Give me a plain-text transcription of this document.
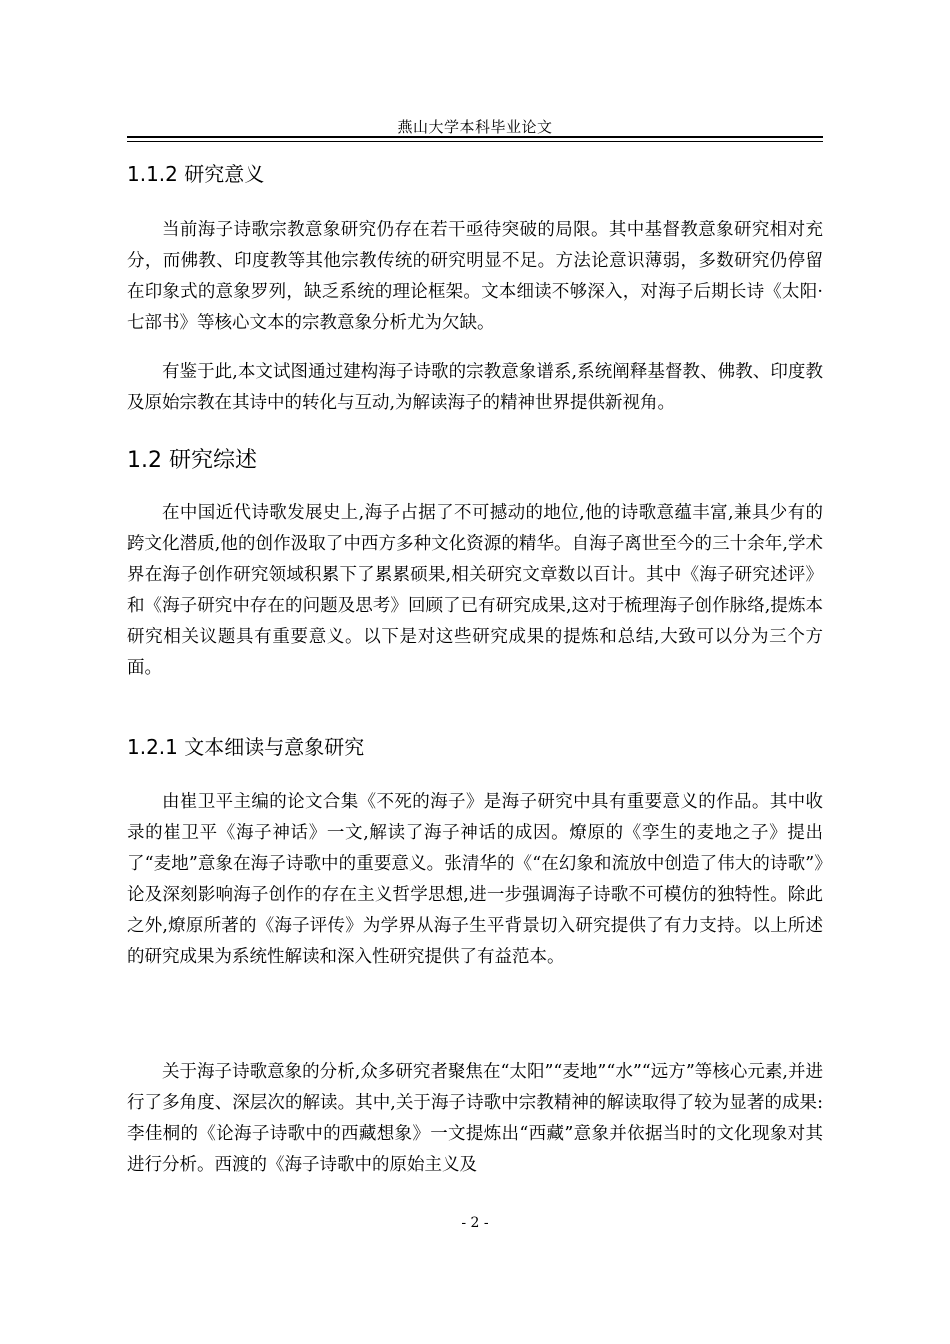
燕山大学本科毕业论文
1.1.2 研究意义

当前海子诗歌宗教意象研究仍存在若干亟待突破的局限。其中基督教意象研究相对充分，而佛教、印度教等其他宗教传统的研究明显不足。方法论意识薄弱，多数研究仍停留在印象式的意象罗列，缺乏系统的理论框架。文本细读不够深入，对海子后期长诗《太阳·七部书》等核心文本的宗教意象分析尤为欠缺。

有鉴于此,本文试图通过建构海子诗歌的宗教意象谱系,系统阐释基督教、佛教、印度教及原始宗教在其诗中的转化与互动,为解读海子的精神世界提供新视角。

1.2 研究综述

在中国近代诗歌发展史上,海子占据了不可撼动的地位,他的诗歌意蕴丰富,兼具少有的跨文化潜质,他的创作汲取了中西方多种文化资源的精华。自海子离世至今的三十余年,学术界在海子创作研究领域积累下了累累硕果,相关研究文章数以百计。其中《海子研究述评》和《海子研究中存在的问题及思考》回顾了已有研究成果,这对于梳理海子创作脉络,提炼本研究相关议题具有重要意义。以下是对这些研究成果的提炼和总结,大致可以分为三个方面。

1.2.1 文本细读与意象研究

由崔卫平主编的论文合集《不死的海子》是海子研究中具有重要意义的作品。其中收录的崔卫平《海子神话》一文,解读了海子神话的成因。燎原的《孪生的麦地之子》提出了“麦地”意象在海子诗歌中的重要意义。张清华的《“在幻象和流放中创造了伟大的诗歌”》论及深刻影响海子创作的存在主义哲学思想,进一步强调海子诗歌不可模仿的独特性。除此之外,燎原所著的《海子评传》为学界从海子生平背景切入研究提供了有力支持。以上所述的研究成果为系统性解读和深入性研究提供了有益范本。

关于海子诗歌意象的分析,众多研究者聚焦在“太阳”“麦地”“水”“远方”等核心元素,并进行了多角度、深层次的解读。其中,关于海子诗歌中宗教精神的解读取得了较为显著的成果:李佳桐的《论海子诗歌中的西藏想象》一文提炼出“西藏”意象并依据当时的文化现象对其进行分析。西渡的《海子诗歌中的原始主义及

- 2 -
